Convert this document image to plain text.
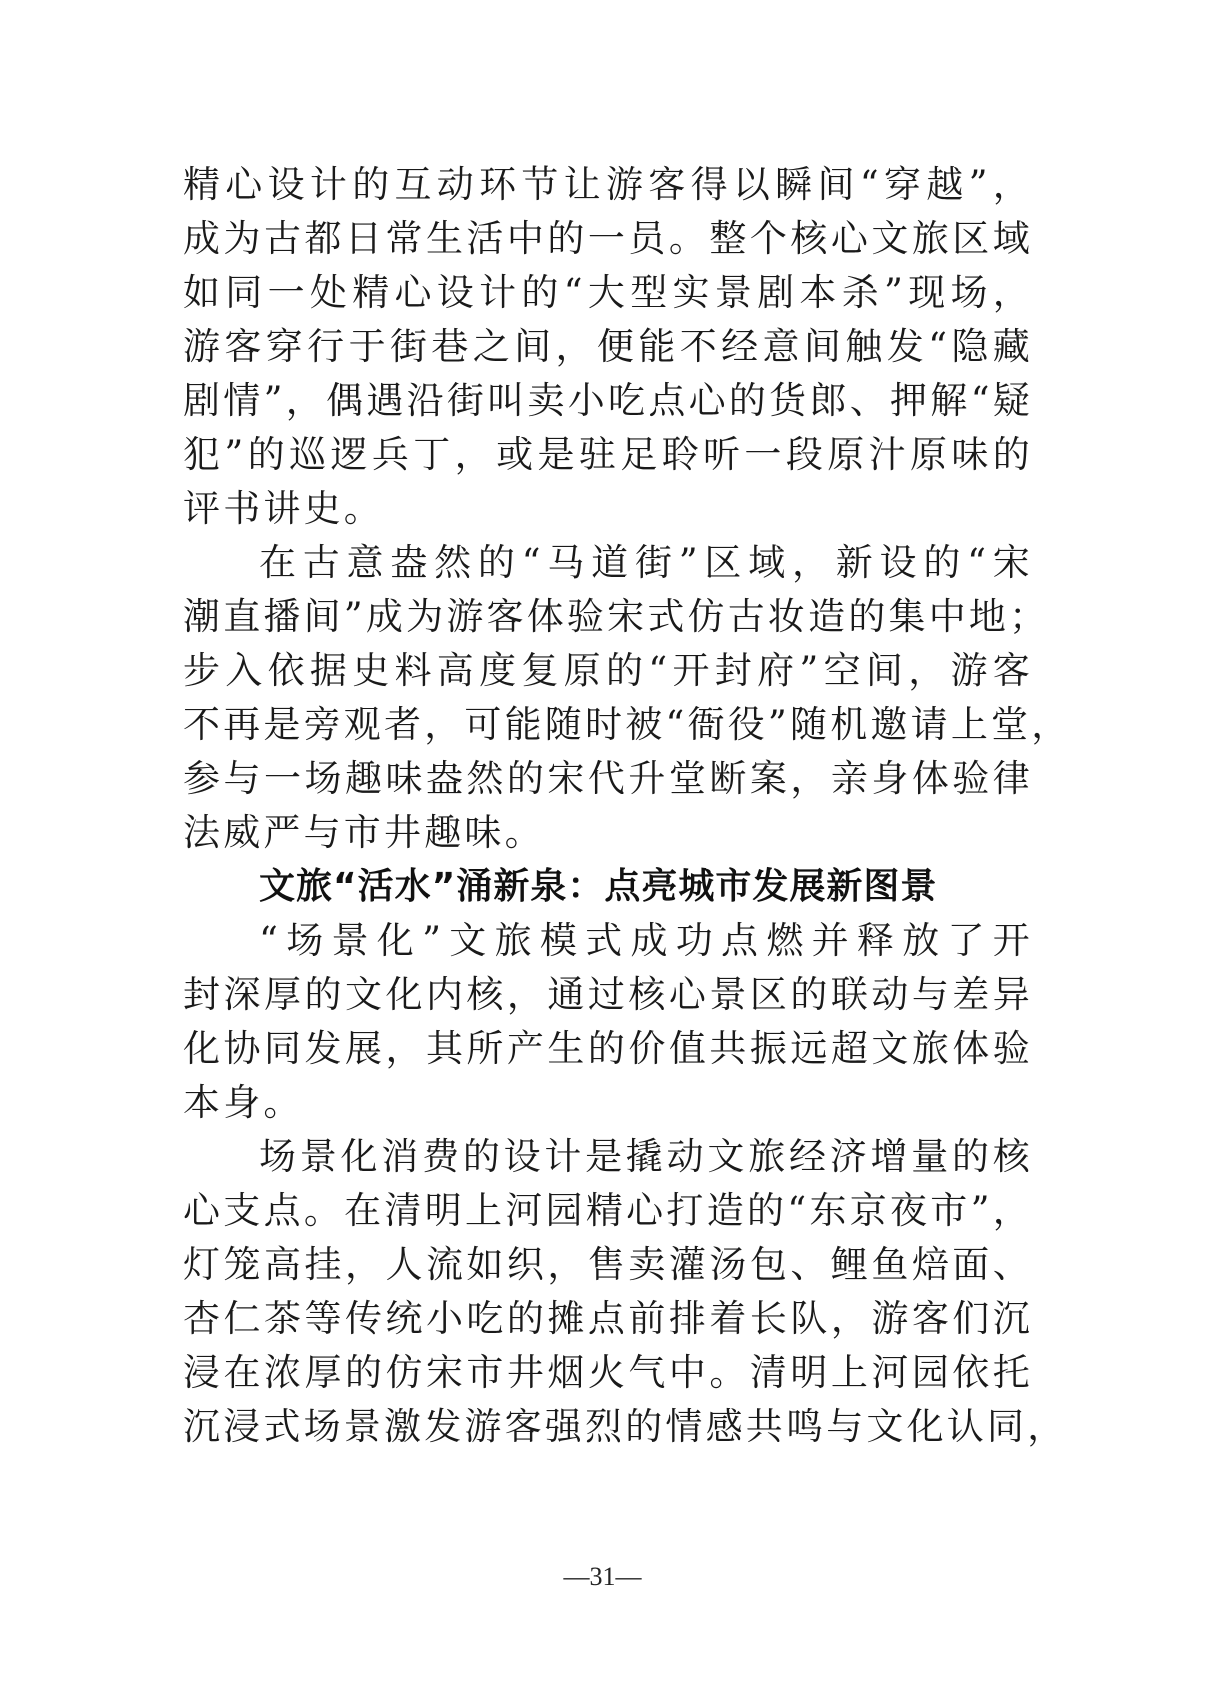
精心设计的互动环节让游客得以瞬间“穿越”，
成为古都日常生活中的一员。整个核心文旅区域
如同一处精心设计的“大型实景剧本杀”现场，
游客穿行于街巷之间，便能不经意间触发“隐藏
剧情”，偶遇沿街叫卖小吃点心的货郎、押解“疑
犯”的巡逻兵丁，或是驻足聆听一段原汁原味的
评书讲史。
在古意盎然的“马道街”区域，新设的“宋
潮直播间”成为游客体验宋式仿古妆造的集中地；
步入依据史料高度复原的“开封府”空间，游客
不再是旁观者，可能随时被“衙役”随机邀请上堂，
参与一场趣味盎然的宋代升堂断案，亲身体验律
法威严与市井趣味。
文旅“活水”涌新泉：点亮城市发展新图景
“场景化”文旅模式成功点燃并释放了开
封深厚的文化内核，通过核心景区的联动与差异
化协同发展，其所产生的价值共振远超文旅体验
本身。
场景化消费的设计是撬动文旅经济增量的核
心支点。在清明上河园精心打造的“东京夜市”，
灯笼高挂，人流如织，售卖灌汤包、鲤鱼焙面、
杏仁茶等传统小吃的摊点前排着长队，游客们沉
浸在浓厚的仿宋市井烟火气中。清明上河园依托
沉浸式场景激发游客强烈的情感共鸣与文化认同，
—31—
